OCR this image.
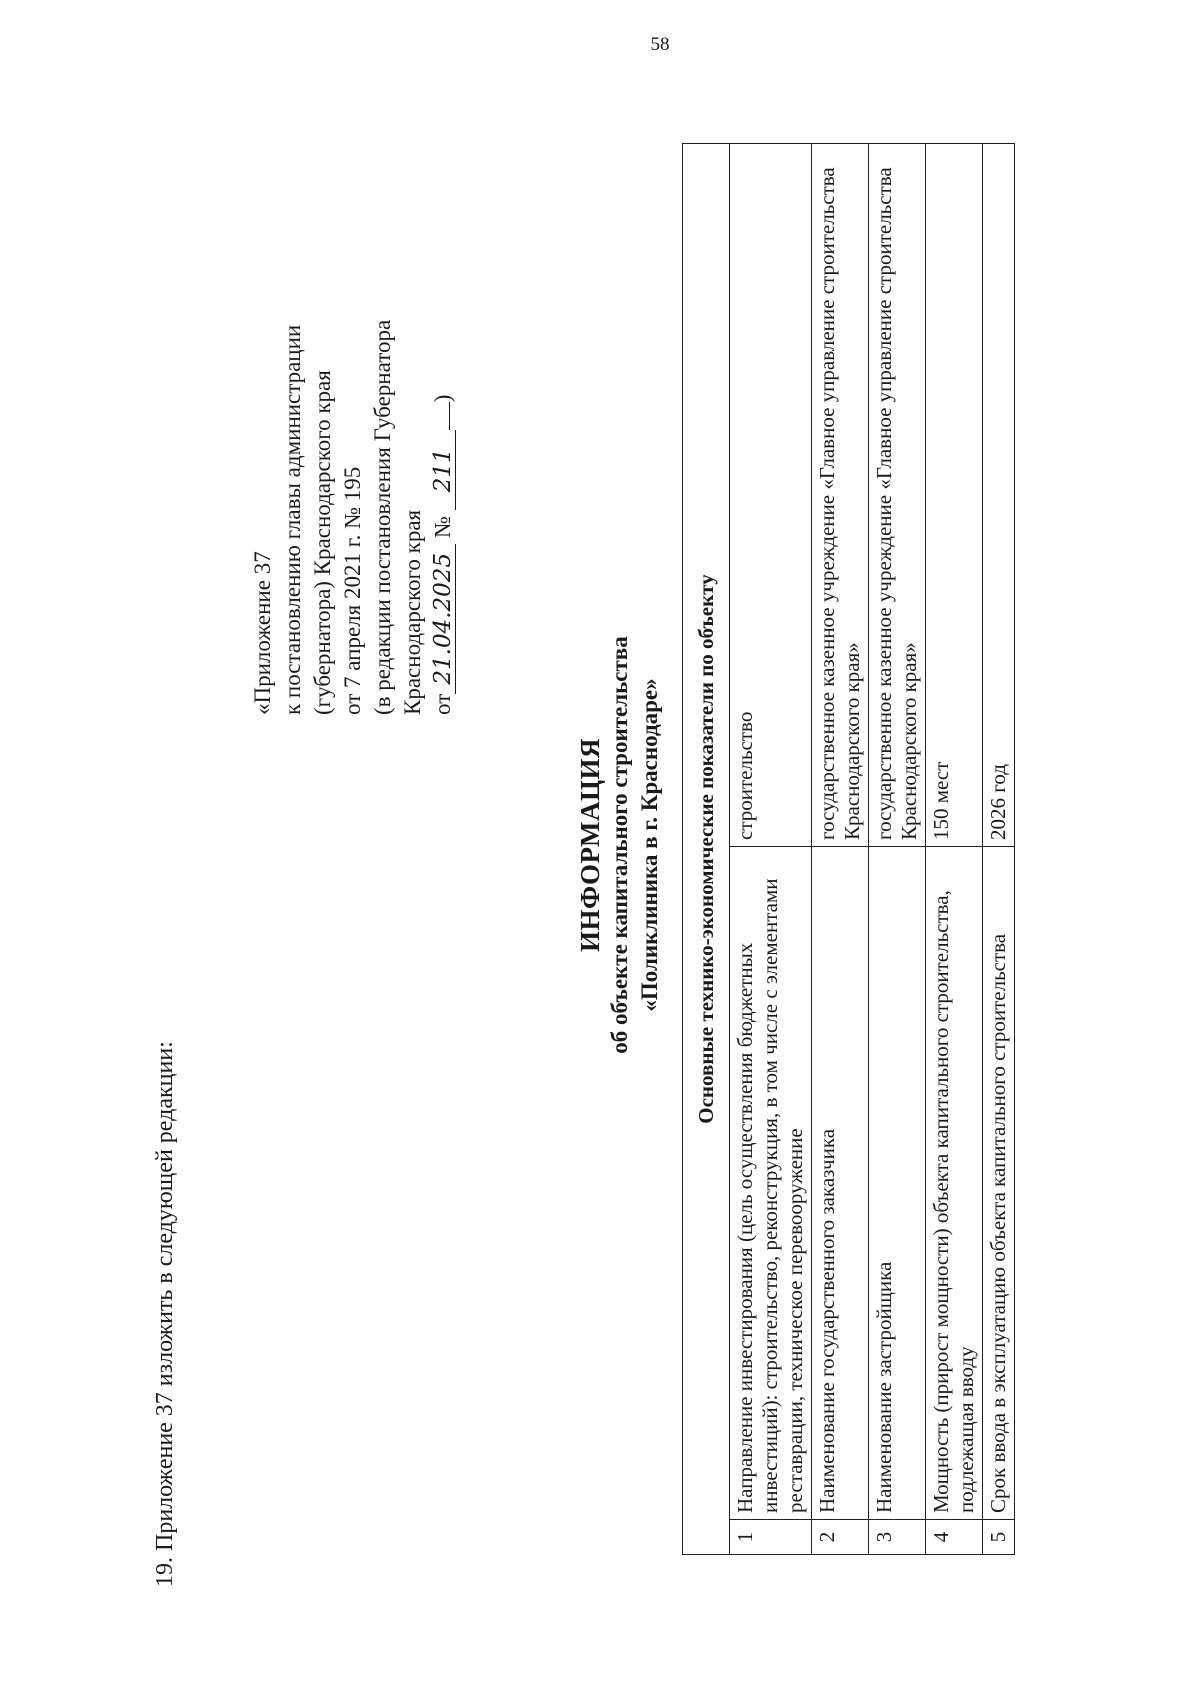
58
19. Приложение 37 изложить в следующей редакции:
«Приложение 37 к постановлению главы администрации (губернатора) Краснодарского края от 7 апреля 2021 г. № 195 (в редакции постановления Губернатора Краснодарского края от21.04.2025 № 211)
ИНФОРМАЦИЯ об объекте капитального строительства «Поликлиника в г. Краснодаре» Основные технико-экономические показатели по объекту		
1	Направление инвестирования (цель осуществления бюджетных инвестиций): строительство, реконструкция, в том числе с элементами реставрации, техническое перевооружение	строительство
2	Наименование государственного заказчика	государственное казенное учреждение «Главное управление строительства Краснодарского края»
3	Наименование застройщика	государственное казенное учреждение «Главное управление строительства Краснодарского края»
4	Мощность (прирост мощности) объекта капитального строительства, подлежащая вводу	150 мест
5	Срок ввода в эксплуатацию объекта капитального строительства	2026 год
